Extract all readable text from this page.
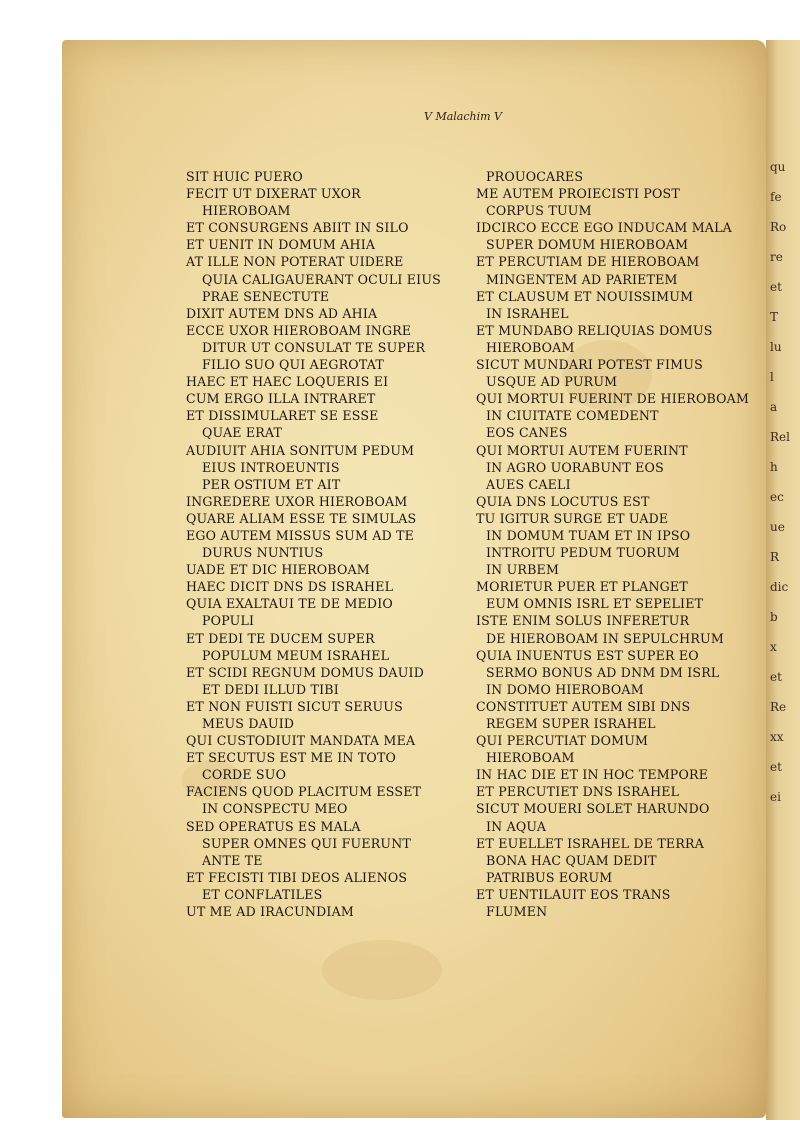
V Malachim V
SIT HUIC PUERO
FECIT UT DIXERAT UXOR
HIEROBOAM
ET CONSURGENS ABIIT IN SILO
ET UENIT IN DOMUM AHIA
AT ILLE NON POTERAT UIDERE
QUIA CALIGAUERANT OCULI EIUS
PRAE SENECTUTE
DIXIT AUTEM DNS AD AHIA
ECCE UXOR HIEROBOAM INGRE
DITUR UT CONSULAT TE SUPER
FILIO SUO QUI AEGROTAT
HAEC ET HAEC LOQUERIS EI
CUM ERGO ILLA INTRARET
ET DISSIMULARET SE ESSE
QUAE ERAT
AUDIUIT AHIA SONITUM PEDUM
EIUS INTROEUNTIS
PER OSTIUM ET AIT
INGREDERE UXOR HIEROBOAM
QUARE ALIAM ESSE TE SIMULAS
EGO AUTEM MISSUS SUM AD TE
DURUS NUNTIUS
UADE ET DIC HIEROBOAM
HAEC DICIT DNS DS ISRAHEL
QUIA EXALTAUI TE DE MEDIO
POPULI
ET DEDI TE DUCEM SUPER
POPULUM MEUM ISRAHEL
ET SCIDI REGNUM DOMUS DAUID
ET DEDI ILLUD TIBI
ET NON FUISTI SICUT SERUUS
MEUS DAUID
QUI CUSTODIUIT MANDATA MEA
ET SECUTUS EST ME IN TOTO
CORDE SUO
FACIENS QUOD PLACITUM ESSET
IN CONSPECTU MEO
SED OPERATUS ES MALA
SUPER OMNES QUI FUERUNT
ANTE TE
ET FECISTI TIBI DEOS ALIENOS
ET CONFLATILES
UT ME AD IRACUNDIAM
PROUOCARES
ME AUTEM PROIECISTI POST
CORPUS TUUM
IDCIRCO ECCE EGO INDUCAM MALA
SUPER DOMUM HIEROBOAM
ET PERCUTIAM DE HIEROBOAM
MINGENTEM AD PARIETEM
ET CLAUSUM ET NOUISSIMUM
IN ISRAHEL
ET MUNDABO RELIQUIAS DOMUS
HIEROBOAM
SICUT MUNDARI POTEST FIMUS
USQUE AD PURUM
QUI MORTUI FUERINT DE HIEROBOAM
IN CIUITATE COMEDENT
EOS CANES
QUI MORTUI AUTEM FUERINT
IN AGRO UORABUNT EOS
AUES CAELI
QUIA DNS LOCUTUS EST
TU IGITUR SURGE ET UADE
IN DOMUM TUAM ET IN IPSO
INTROITU PEDUM TUORUM
IN URBEM
MORIETUR PUER ET PLANGET
EUM OMNIS ISRL ET SEPELIET
ISTE ENIM SOLUS INFERETUR
DE HIEROBOAM IN SEPULCHRUM
QUIA INUENTUS EST SUPER EO
SERMO BONUS AD DNM DM ISRL
IN DOMO HIEROBOAM
CONSTITUET AUTEM SIBI DNS
REGEM SUPER ISRAHEL
QUI PERCUTIAT DOMUM
HIEROBOAM
IN HAC DIE ET IN HOC TEMPORE
ET PERCUTIET DNS ISRAHEL
SICUT MOUERI SOLET HARUNDO
IN AQUA
ET EUELLET ISRAHEL DE TERRA
BONA HAC QUAM DEDIT
PATRIBUS EORUM
ET UENTILAUIT EOS TRANS
FLUMEN
qu
fe
Ro
re
et
T
lu
l
a
Rel
h
ec
ue
R
dic
b
x
et
Re
xx
et
ei
